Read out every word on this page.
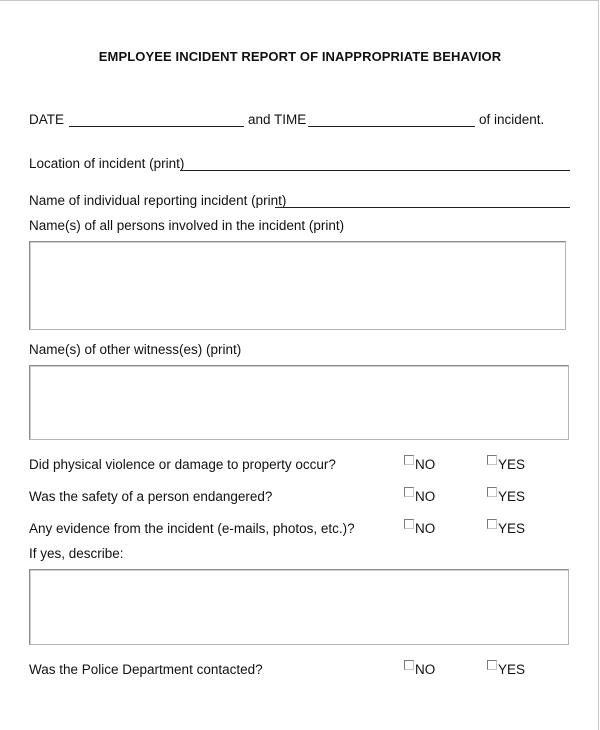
EMPLOYEE INCIDENT REPORT OF INAPPROPRIATE BEHAVIOR
DATE	and TIME	of incident.
Location of incident (print)
Name of individual reporting incident (print)
Name(s) of all persons involved in the incident (print)
Name(s) of other witness(es) (print)
Did physical violence or damage to property occur?	NO	YES
Was the safety of a person endangered?	NO	YES
Any evidence from the incident (e-mails, photos, etc.)?	NO	YES
If yes, describe:
Was the Police Department contacted?	NO	YES
